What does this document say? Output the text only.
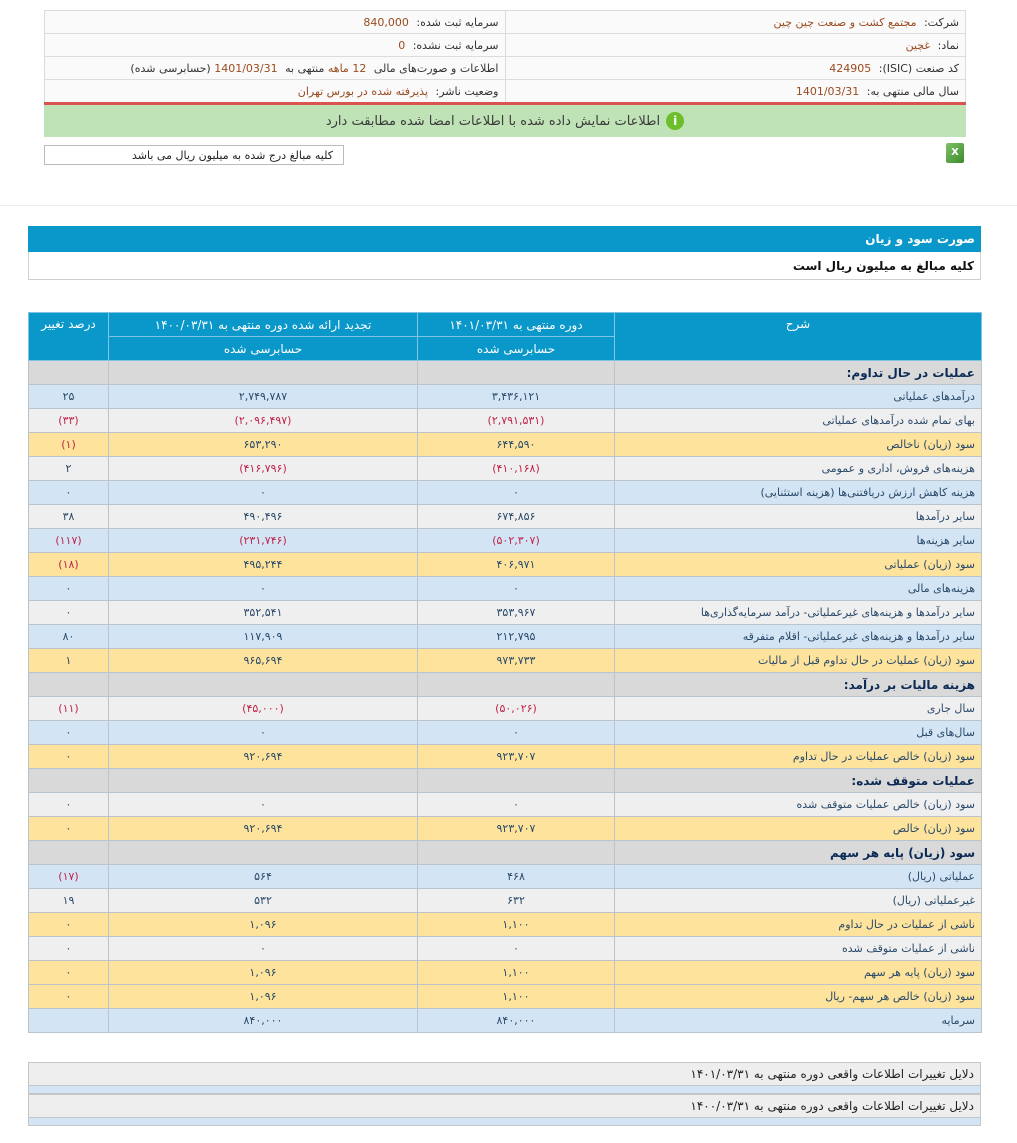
شرکت: مجتمع کشت و صنعت چین چین	سرمایه ثبت شده: 840,000
نماد: غچین	سرمایه ثبت نشده: 0
کد صنعت (ISIC): 424905	اطلاعات و صورت‌های مالی 12 ماهه منتهی به 1401/03/31 (حسابرسی شده)
سال مالی منتهی به: 1401/03/31	وضعیت ناشر: پذیرفته شده در بورس تهران
i
اطلاعات نمایش داده شده با اطلاعات امضا شده مطابقت دارد
کلیه مبالغ درج شده به میلیون ریال می باشد	X
صورت سود و زیان
کلیه مبالغ به میلیون ریال است
شرح	دوره منتهی به ۱۴۰۱/۰۳/۳۱	تجدید ارائه شده دوره منتهی به ۱۴۰۰/۰۳/۳۱	درصد تغییر
	حسابرسی شده	حسابرسی شده	
عملیات در حال تداوم:			
درآمدهای عملیاتی	۳,۴۳۶,۱۲۱	۲,۷۴۹,۷۸۷	۲۵
بهای تمام شده درآمدهای عملیاتی	(۲,۷۹۱,۵۳۱)	(۲,۰۹۶,۴۹۷)	(۳۳)
سود (زیان) ناخالص	۶۴۴,۵۹۰	۶۵۳,۲۹۰	(۱)
هزینه‌های فروش، اداری و عمومی	(۴۱۰,۱۶۸)	(۴۱۶,۷۹۶)	۲
هزینه کاهش ارزش دریافتنی‌ها (هزینه استثنایی)	۰	۰	۰
سایر درآمدها	۶۷۴,۸۵۶	۴۹۰,۴۹۶	۳۸
سایر هزینه‌ها	(۵۰۲,۳۰۷)	(۲۳۱,۷۴۶)	(۱۱۷)
سود (زیان) عملیاتی	۴۰۶,۹۷۱	۴۹۵,۲۴۴	(۱۸)
هزینه‌های مالی	۰	۰	۰
سایر درآمدها و هزینه‌های غیرعملیاتی- درآمد سرمایه‌گذاری‌ها	۳۵۳,۹۶۷	۳۵۲,۵۴۱	۰
سایر درآمدها و هزینه‌های غیرعملیاتی- اقلام متفرقه	۲۱۲,۷۹۵	۱۱۷,۹۰۹	۸۰
سود (زیان) عملیات در حال تداوم قبل از مالیات	۹۷۳,۷۳۳	۹۶۵,۶۹۴	۱
هزینه مالیات بر درآمد:			
سال جاری	(۵۰,۰۲۶)	(۴۵,۰۰۰)	(۱۱)
سال‌های قبل	۰	۰	۰
سود (زیان) خالص عملیات در حال تداوم	۹۲۳,۷۰۷	۹۲۰,۶۹۴	۰
عملیات متوقف شده:			
سود (زیان) خالص عملیات متوقف شده	۰	۰	۰
سود (زیان) خالص	۹۲۳,۷۰۷	۹۲۰,۶۹۴	۰
سود (زیان) پایه هر سهم			
عملیاتی (ریال)	۴۶۸	۵۶۴	(۱۷)
غیرعملیاتی (ریال)	۶۳۲	۵۳۲	۱۹
ناشی از عملیات در حال تداوم	۱,۱۰۰	۱,۰۹۶	۰
ناشی از عملیات متوقف شده	۰	۰	۰
سود (زیان) پایه هر سهم	۱,۱۰۰	۱,۰۹۶	۰
سود (زیان) خالص هر سهم- ریال	۱,۱۰۰	۱,۰۹۶	۰
سرمایه	۸۴۰,۰۰۰	۸۴۰,۰۰۰	
دلایل تغییرات اطلاعات واقعی دوره منتهی به ۱۴۰۱/۰۳/۳۱
دلایل تغییرات اطلاعات واقعی دوره منتهی به ۱۴۰۰/۰۳/۳۱
